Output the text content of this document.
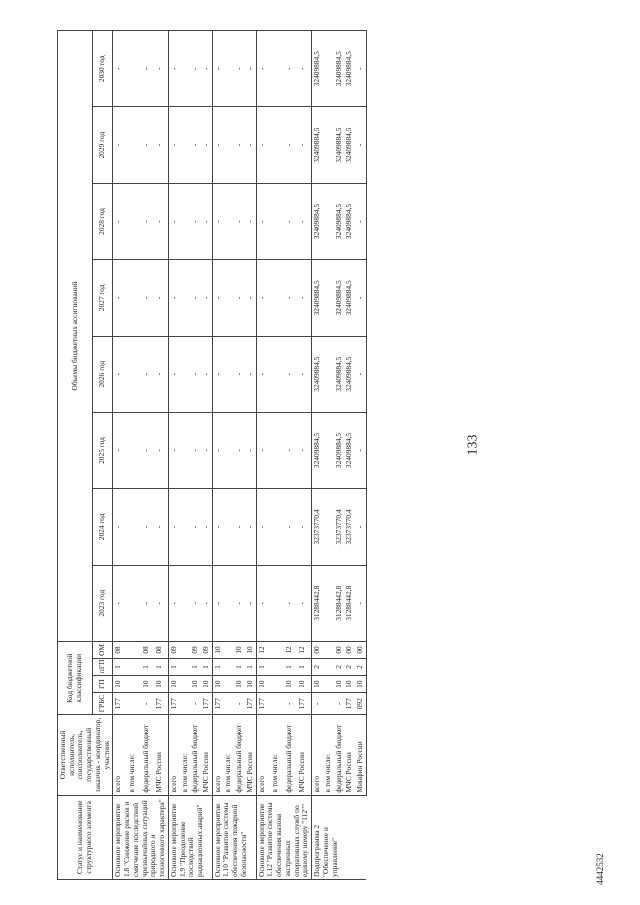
133
4442532
Статус и наименование структурного элемента	Ответственный исполнитель, соисполнитель, государственный заказчик - координатор, участник	Код бюджетной классификации				Объемы бюджетных ассигнований							
		ГРБС	ГП	пГП	ОМ	2023 год	2024 год	2025 год	2026 год	2027 год	2028 год	2029 год	2030 год
Основное мероприятие 1.8 "Снижение рисков и смягчение последствий чрезвычайных ситуаций природного и техногенного характера"	всего	177	10	1	08	-	-	-	-	-	-	-	-
	в том числе:												
	федеральный бюджет	-	10	1	08	-	-	-	-	-	-	-	-
	МЧС России	177	10	1	08	-	-	-	-	-	-	-	-
Основное мероприятие 1.9 "Преодоление последствий радиационных аварий"	всего	177	10	1	09	-	-	-	-	-	-	-	-
	в том числе:												
	федеральный бюджет	-	10	1	09	-	-	-	-	-	-	-	-
	МЧС России	177	10	1	09	-	-	-	-	-	-	-	-
Основное мероприятие 1.10 "Развитие системы обеспечения пожарной безопасности"	всего	177	10	1	10	-	-	-	-	-	-	-	-
	в том числе:												
	федеральный бюджет	-	10	1	10	-	-	-	-	-	-	-	-
	МЧС России	177	10	1	10	-	-	-	-	-	-	-	-
Основное мероприятие 1.12 "Развитие системы обеспечения вызова экстренных оперативных служб по единому номеру "112""	всего	177	10	1	12	-	-	-	-	-	-	-	-
	в том числе:												
	федеральный бюджет	-	10	1	12	-	-	-	-	-	-	-	-
	МЧС России	177	10	1	12	-	-	-	-	-	-	-	-
Подпрограмма 2 "Обеспечение и управление"	всего	-	10	2	00	31288442,8	32373770,4	32409884,5	32409884,5	32409884,5	32409884,5	32409884,5	32409884,5
	в том числе:												
	федеральный бюджет	-	10	2	00	31288442,8	32373770,4	32409884,5	32409884,5	32409884,5	32409884,5	32409884,5	32409884,5
	МЧС России	177	10	2	00	31288442,8	32373770,4	32409884,5	32409884,5	32409884,5	32409884,5	32409884,5	32409884,5
	Минфин России	092	10	2	00	-	-	-	-	-	-	-	-
